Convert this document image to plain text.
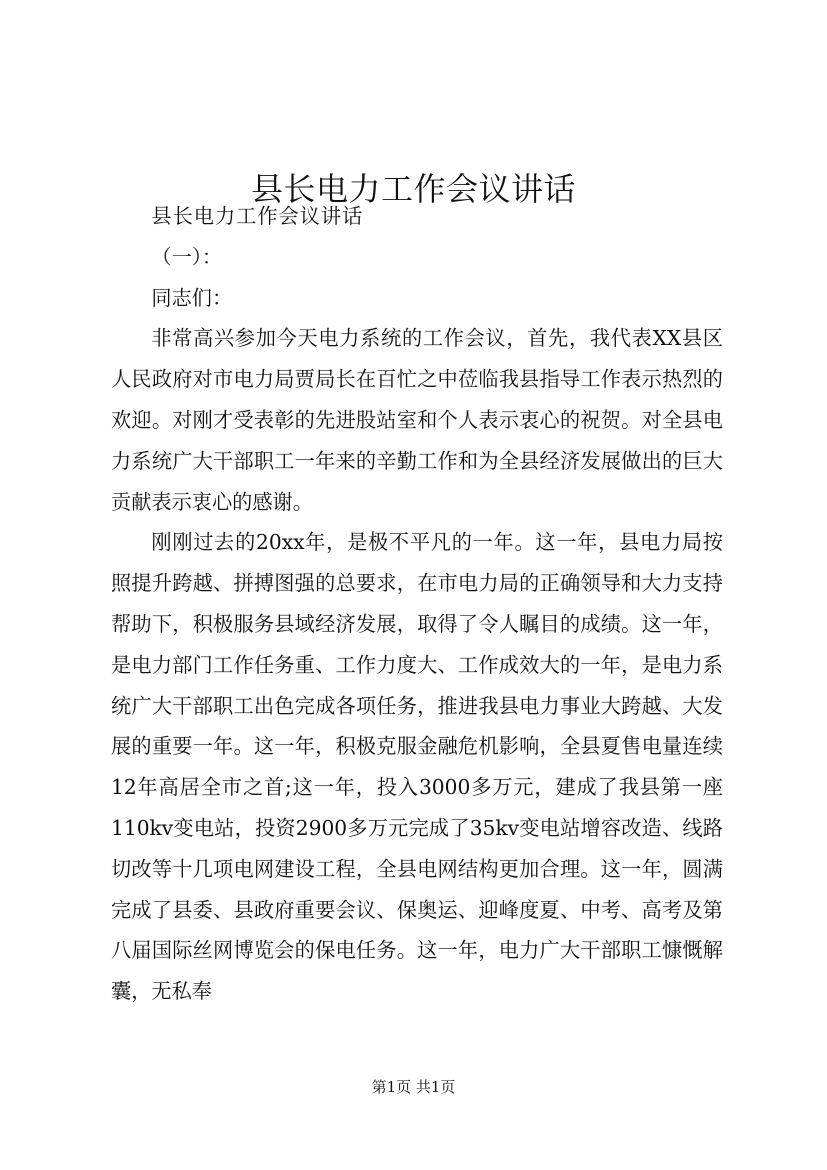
县长电力工作会议讲话

县长电力工作会议讲话

（一）：

同志们：

非常高兴参加今天电力系统的工作会议，首先，我代表XX县区人民政府对市电力局贾局长在百忙之中莅临我县指导工作表示热烈的欢迎。对刚才受表彰的先进股站室和个人表示衷心的祝贺。对全县电力系统广大干部职工一年来的辛勤工作和为全县经济发展做出的巨大贡献表示衷心的感谢。

刚刚过去的20xx年，是极不平凡的一年。这一年，县电力局按照提升跨越、拼搏图强的总要求，在市电力局的正确领导和大力支持帮助下，积极服务县域经济发展，取得了令人瞩目的成绩。这一年，是电力部门工作任务重、工作力度大、工作成效大的一年，是电力系统广大干部职工出色完成各项任务，推进我县电力事业大跨越、大发展的重要一年。这一年，积极克服金融危机影响，全县夏售电量连续12年高居全市之首;这一年，投入3000多万元，建成了我县第一座110kv变电站，投资2900多万元完成了35kv变电站增容改造、线路切改等十几项电网建设工程，全县电网结构更加合理。这一年，圆满完成了县委、县政府重要会议、保奥运、迎峰度夏、中考、高考及第八届国际丝网博览会的保电任务。这一年，电力广大干部职工慷慨解囊，无私奉

第1页 共1页
